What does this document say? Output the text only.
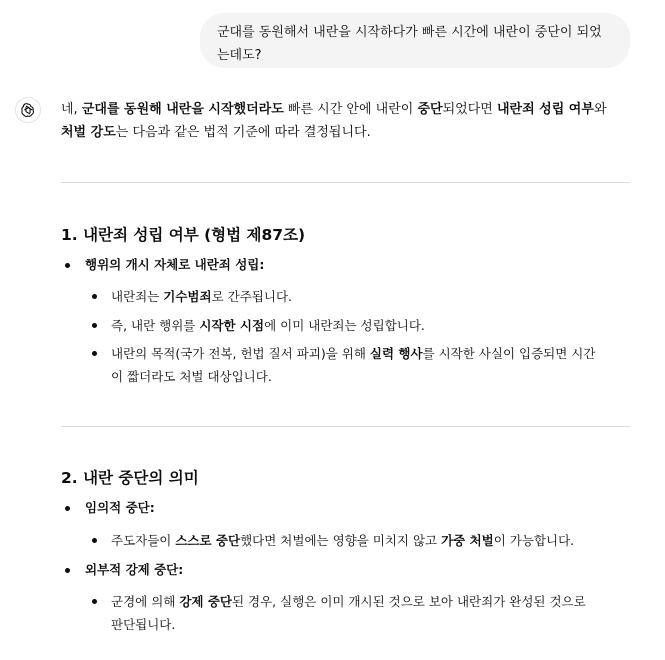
군대를 동원해서 내란을 시작하다가 빠른 시간에 내란이 중단이 되었
는데도?

네, 군대를 동원해 내란을 시작했더라도 빠른 시간 안에 내란이 중단되었다면 내란죄 성립 여부와
처벌 강도는 다음과 같은 법적 기준에 따라 결정됩니다.

1. 내란죄 성립 여부 (형법 제87조)
행위의 개시 자체로 내란죄 성립:
내란죄는 기수범죄로 간주됩니다.
즉, 내란 행위를 시작한 시점에 이미 내란죄는 성립합니다.
내란의 목적(국가 전복, 헌법 질서 파괴)을 위해 실력 행사를 시작한 사실이 입증되면 시간
이 짧더라도 처벌 대상입니다.
2. 내란 중단의 의미
임의적 중단:
주도자들이 스스로 중단했다면 처벌에는 영향을 미치지 않고 가중 처벌이 가능합니다.
외부적 강제 중단:
군경에 의해 강제 중단된 경우, 실행은 이미 개시된 것으로 보아 내란죄가 완성된 것으로
판단됩니다.
